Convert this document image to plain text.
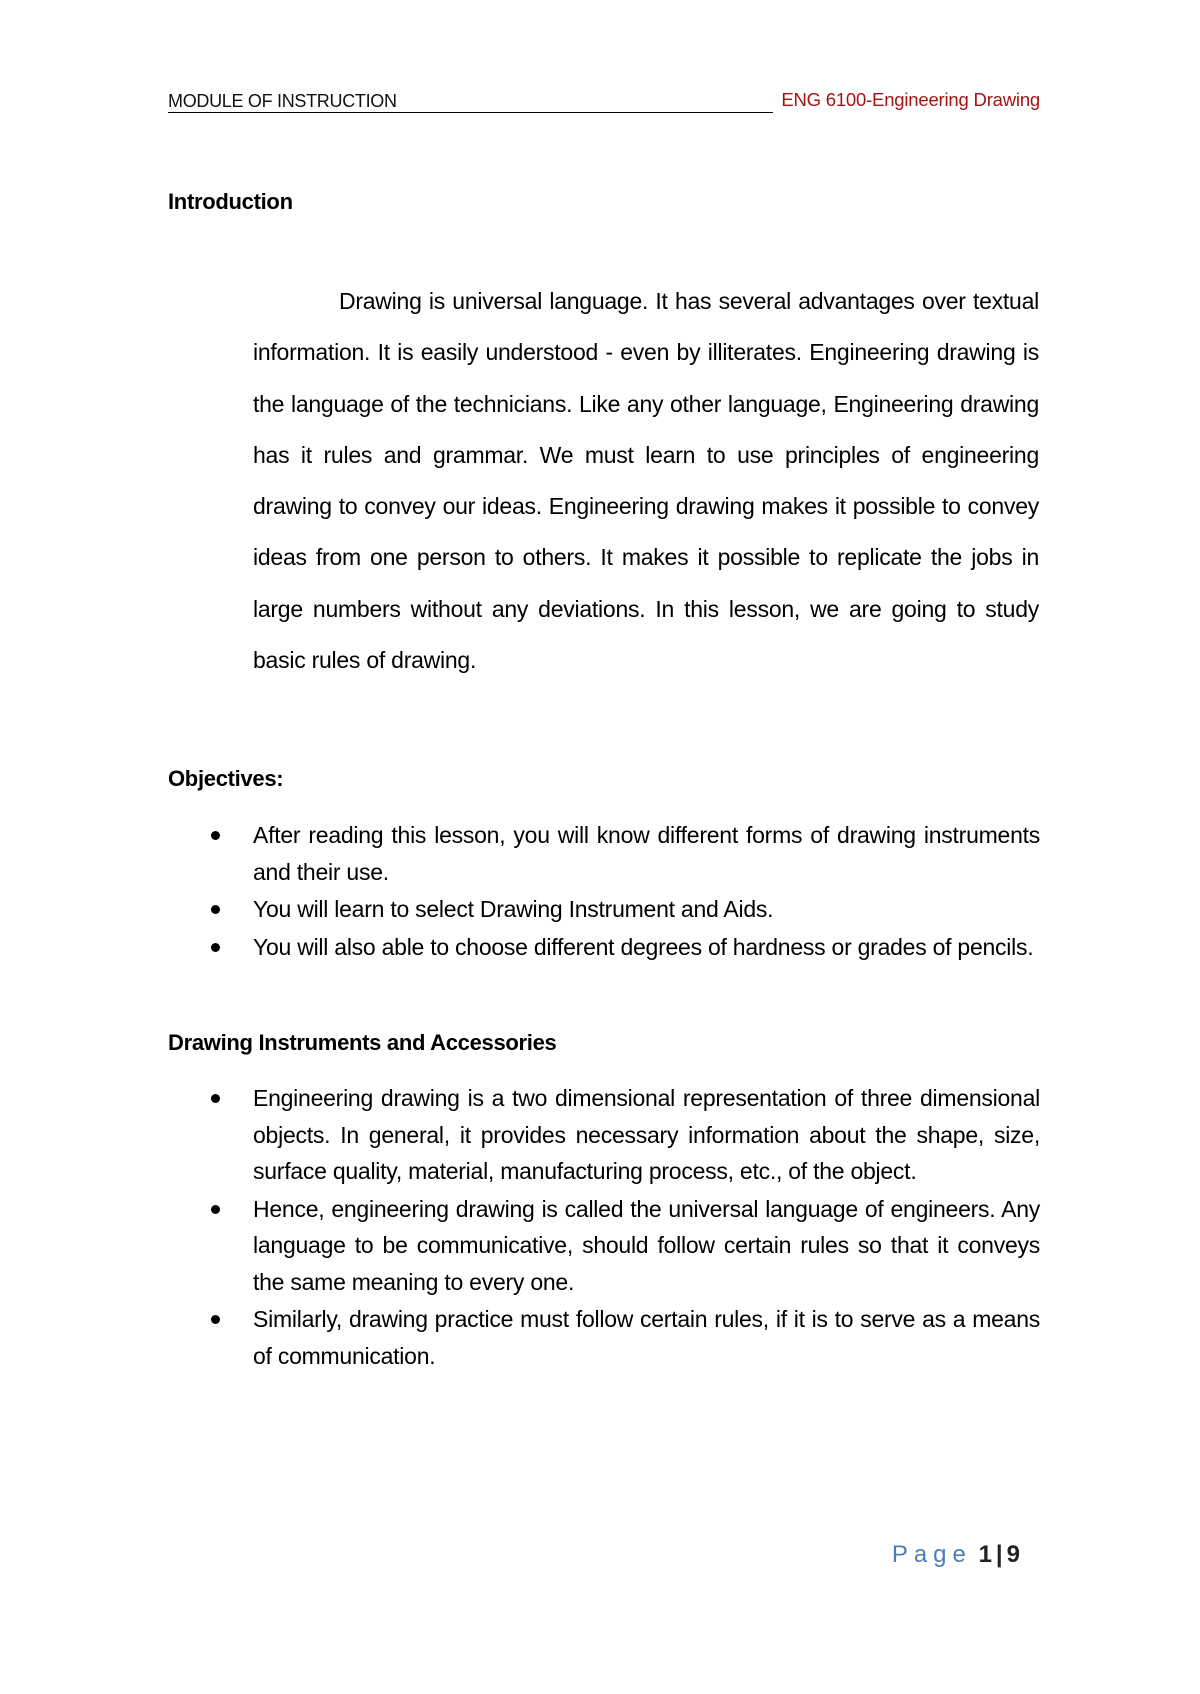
MODULE OF INSTRUCTION	ENG 6100-Engineering Drawing
Introduction

Drawing is universal language. It has several advantages over textual information. It is easily understood - even by illiterates. Engineering drawing is the language of the technicians. Like any other language, Engineering drawing has it rules and grammar. We must learn to use principles of engineering drawing to convey our ideas. Engineering drawing makes it possible to convey ideas from one person to others. It makes it possible to replicate the jobs in large numbers without any deviations. In this lesson, we are going to study basic rules of drawing.

Objectives:
After reading this lesson, you will know different forms of drawing instruments and their use.
You will learn to select Drawing Instrument and Aids.
You will also able to choose different degrees of hardness or grades of pencils.
Drawing Instruments and Accessories
Engineering drawing is a two dimensional representation of three dimensional objects. In general, it provides necessary information about the shape, size, surface quality, material, manufacturing process, etc., of the object.
Hence, engineering drawing is called the universal language of engineers. Any language to be communicative, should follow certain rules so that it conveys the same meaning to every one.
Similarly, drawing practice must follow certain rules, if it is to serve as a means of communication.
Page 1 | 9
